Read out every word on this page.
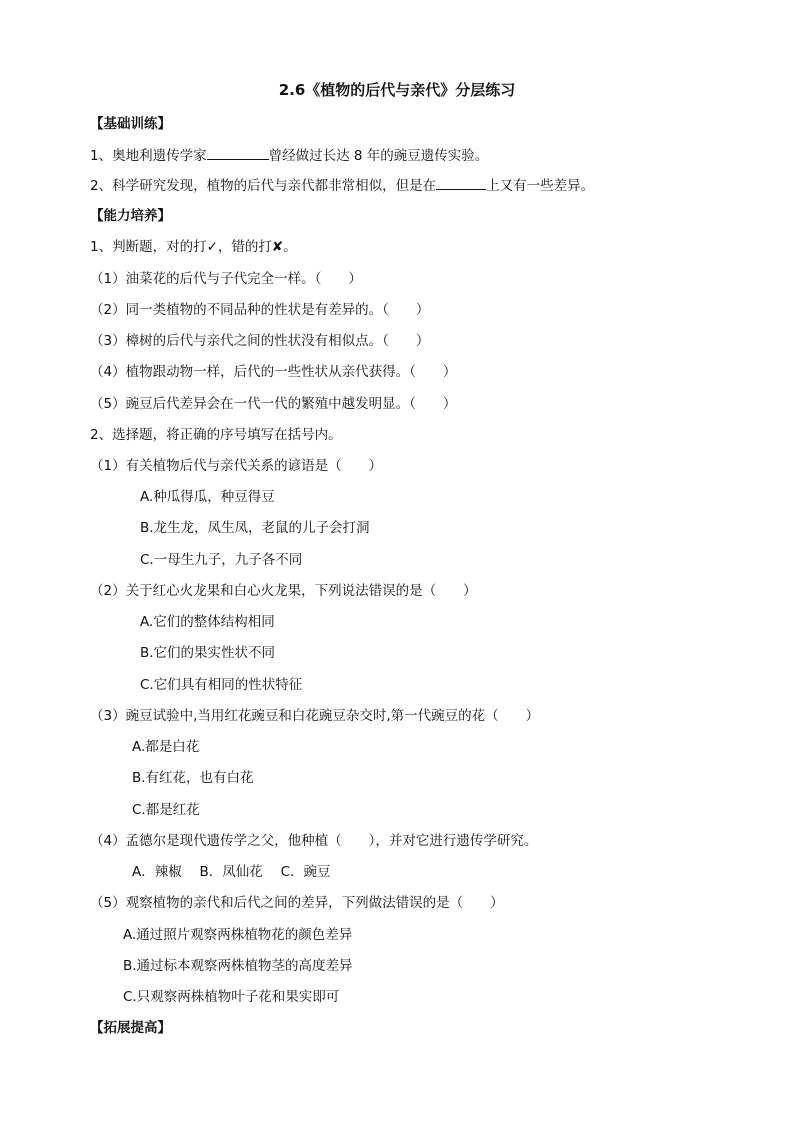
2.6《植物的后代与亲代》分层练习
【基础训练】
1、奥地利遗传学家	曾经做过长达 8 年的豌豆遗传实验。
2、科学研究发现，植物的后代与亲代都非常相似，但是在	上又有一些差异。
【能力培养】
1、判断题，对的打✓，错的打✘。
（1）油菜花的后代与子代完全一样。（　　）
（2）同一类植物的不同品种的性状是有差异的。（　　）
（3）樟树的后代与亲代之间的性状没有相似点。（　　）
（4）植物跟动物一样，后代的一些性状从亲代获得。（　　）
（5）豌豆后代差异会在一代一代的繁殖中越发明显。（　　）
2、选择题，将正确的序号填写在括号内。
（1）有关植物后代与亲代关系的谚语是（　　）
A.种瓜得瓜，种豆得豆
B.龙生龙，凤生凤，老鼠的儿子会打洞
C.一母生九子，九子各不同
（2）关于红心火龙果和白心火龙果，下列说法错误的是（　　）
A.它们的整体结构相同
B.它们的果实性状不同
C.它们具有相同的性状特征
（3）豌豆试验中,当用红花豌豆和白花豌豆杂交时,第一代豌豆的花（　　）
A.都是白花
B.有红花，也有白花
C.都是红花
（4）孟德尔是现代遗传学之父，他种植（　　），并对它进行遗传学研究。
A．辣椒　 B．凤仙花　 C．豌豆
（5）观察植物的亲代和后代之间的差异，下列做法错误的是（　　）
A.通过照片观察两株植物花的颜色差异
B.通过标本观察两株植物茎的高度差异
C.只观察两株植物叶子花和果实即可
【拓展提高】
